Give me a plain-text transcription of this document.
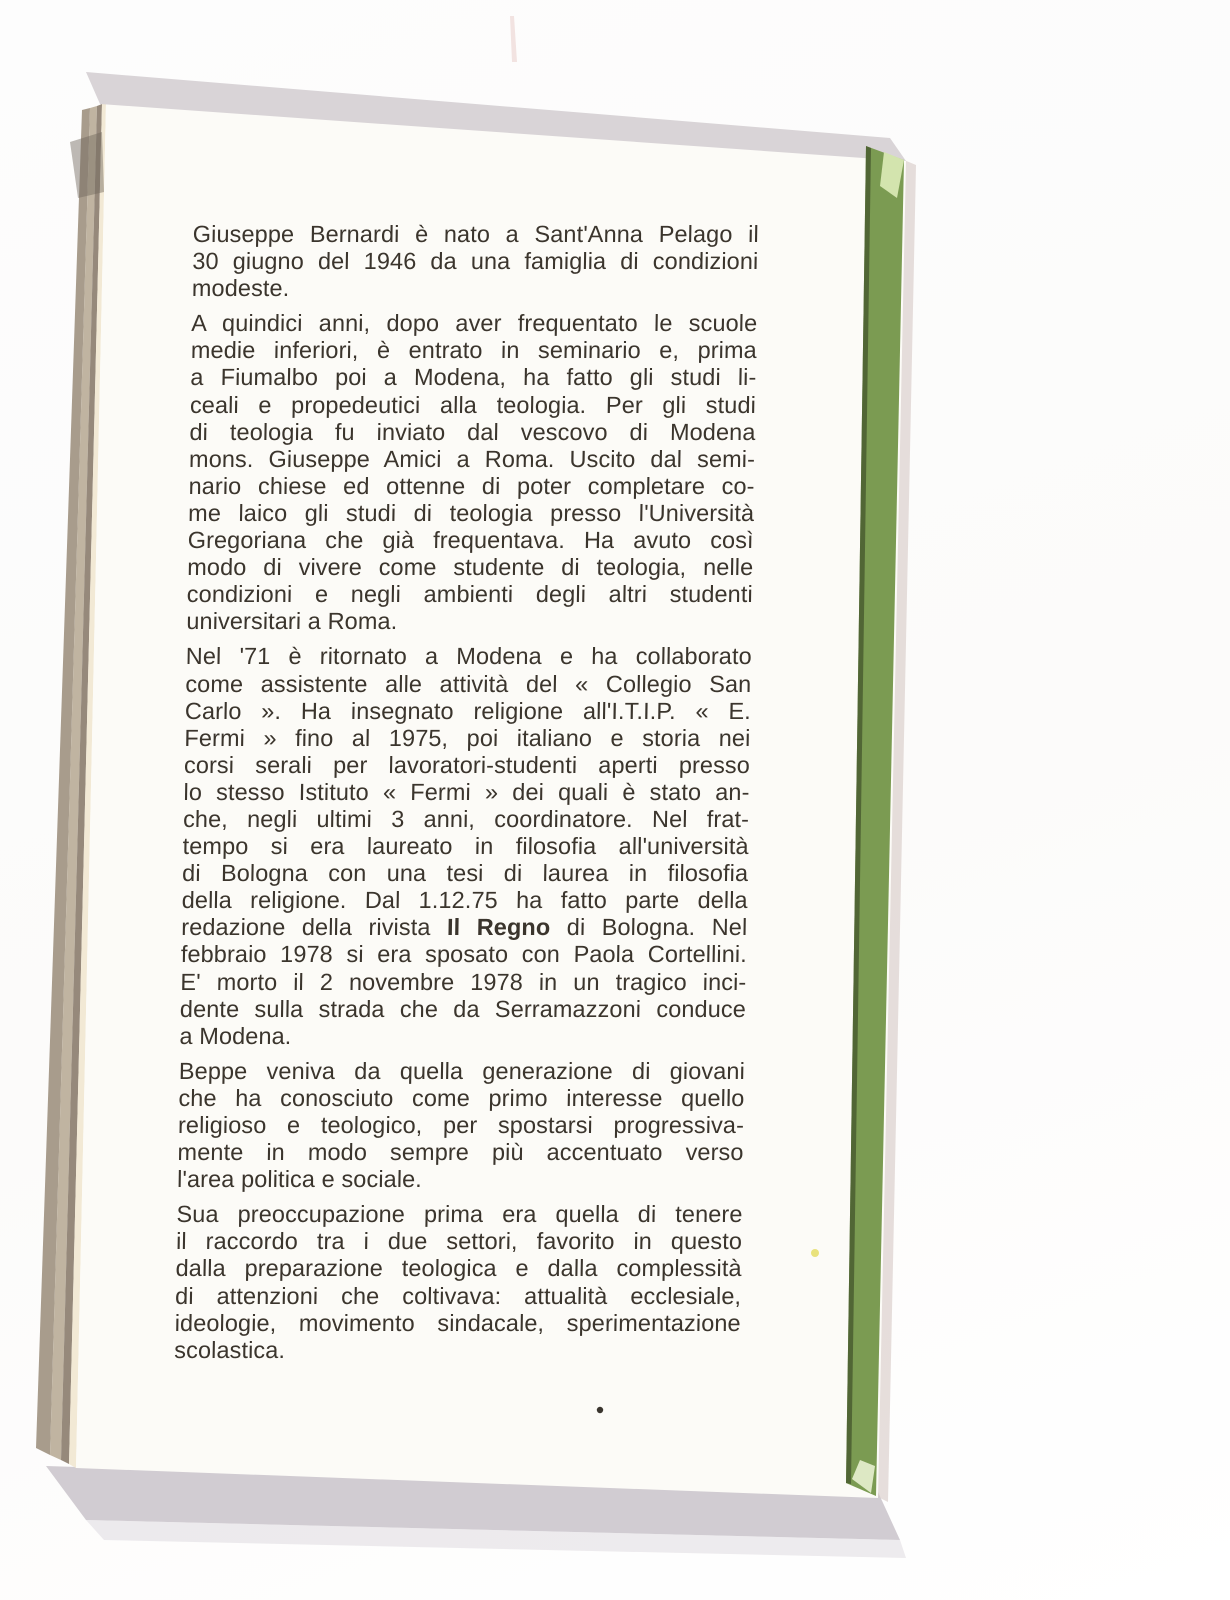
Giuseppe Bernardi è nato a Sant'Anna Pelago il
30 giugno del 1946 da una famiglia di condizioni
modeste.
A quindici anni, dopo aver frequentato le scuole
medie inferiori, è entrato in seminario e, prima
a Fiumalbo poi a Modena, ha fatto gli studi li-
ceali e propedeutici alla teologia. Per gli studi
di teologia fu inviato dal vescovo di Modena
mons. Giuseppe Amici a Roma. Uscito dal semi-
nario chiese ed ottenne di poter completare co-
me laico gli studi di teologia presso l'Università
Gregoriana che già frequentava. Ha avuto così
modo di vivere come studente di teologia, nelle
condizioni e negli ambienti degli altri studenti
universitari a Roma.
Nel '71 è ritornato a Modena e ha collaborato
come assistente alle attività del « Collegio San
Carlo ». Ha insegnato religione all'I.T.I.P. « E.
Fermi » fino al 1975, poi italiano e storia nei
corsi serali per lavoratori-studenti aperti presso
lo stesso Istituto « Fermi » dei quali è stato an-
che, negli ultimi 3 anni, coordinatore. Nel frat-
tempo si era laureato in filosofia all'università
di Bologna con una tesi di laurea in filosofia
della religione. Dal 1.12.75 ha fatto parte della
redazione della rivista Il Regno di Bologna. Nel
febbraio 1978 si era sposato con Paola Cortellini.
E' morto il 2 novembre 1978 in un tragico inci-
dente sulla strada che da Serramazzoni conduce
a Modena.
Beppe veniva da quella generazione di giovani
che ha conosciuto come primo interesse quello
religioso e teologico, per spostarsi progressiva-
mente in modo sempre più accentuato verso
l'area politica e sociale.
Sua preoccupazione prima era quella di tenere
il raccordo tra i due settori, favorito in questo
dalla preparazione teologica e dalla complessità
di attenzioni che coltivava: attualità ecclesiale,
ideologie, movimento sindacale, sperimentazione
scolastica.
